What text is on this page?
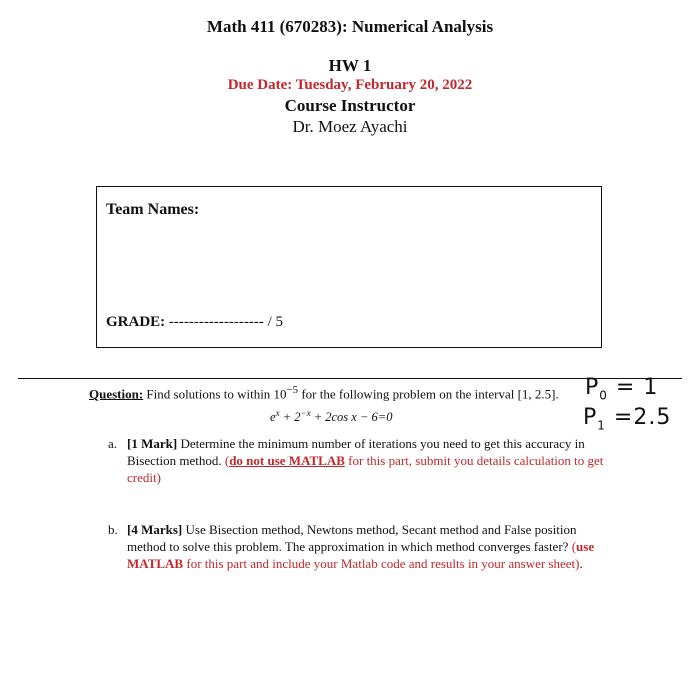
Math 411 (670283): Numerical Analysis
HW 1
Due Date: Tuesday, February 20, 2022
Course Instructor
Dr. Moez Ayachi
Team Names:
GRADE: ------------------- / 5
Question: Find solutions to within $10^{-5}$ for the following problem on the interval [1, 2.5].
$e^x + 2^{-x} + 2\cos$ x − 6=0
$P_0 = 1$
$P_1 =2.5$
a. [1 Mark] Determine the minimum number of iterations you need to get this accuracy in Bisection method. (do not use MATLAB for this part, submit you details calculation to get credit)
b. [4 Marks] Use Bisection method, Newtons method, Secant method and False position method to solve this problem. The approximation in which method converges faster? (use MATLAB for this part and include your Matlab code and results in your answer sheet).
